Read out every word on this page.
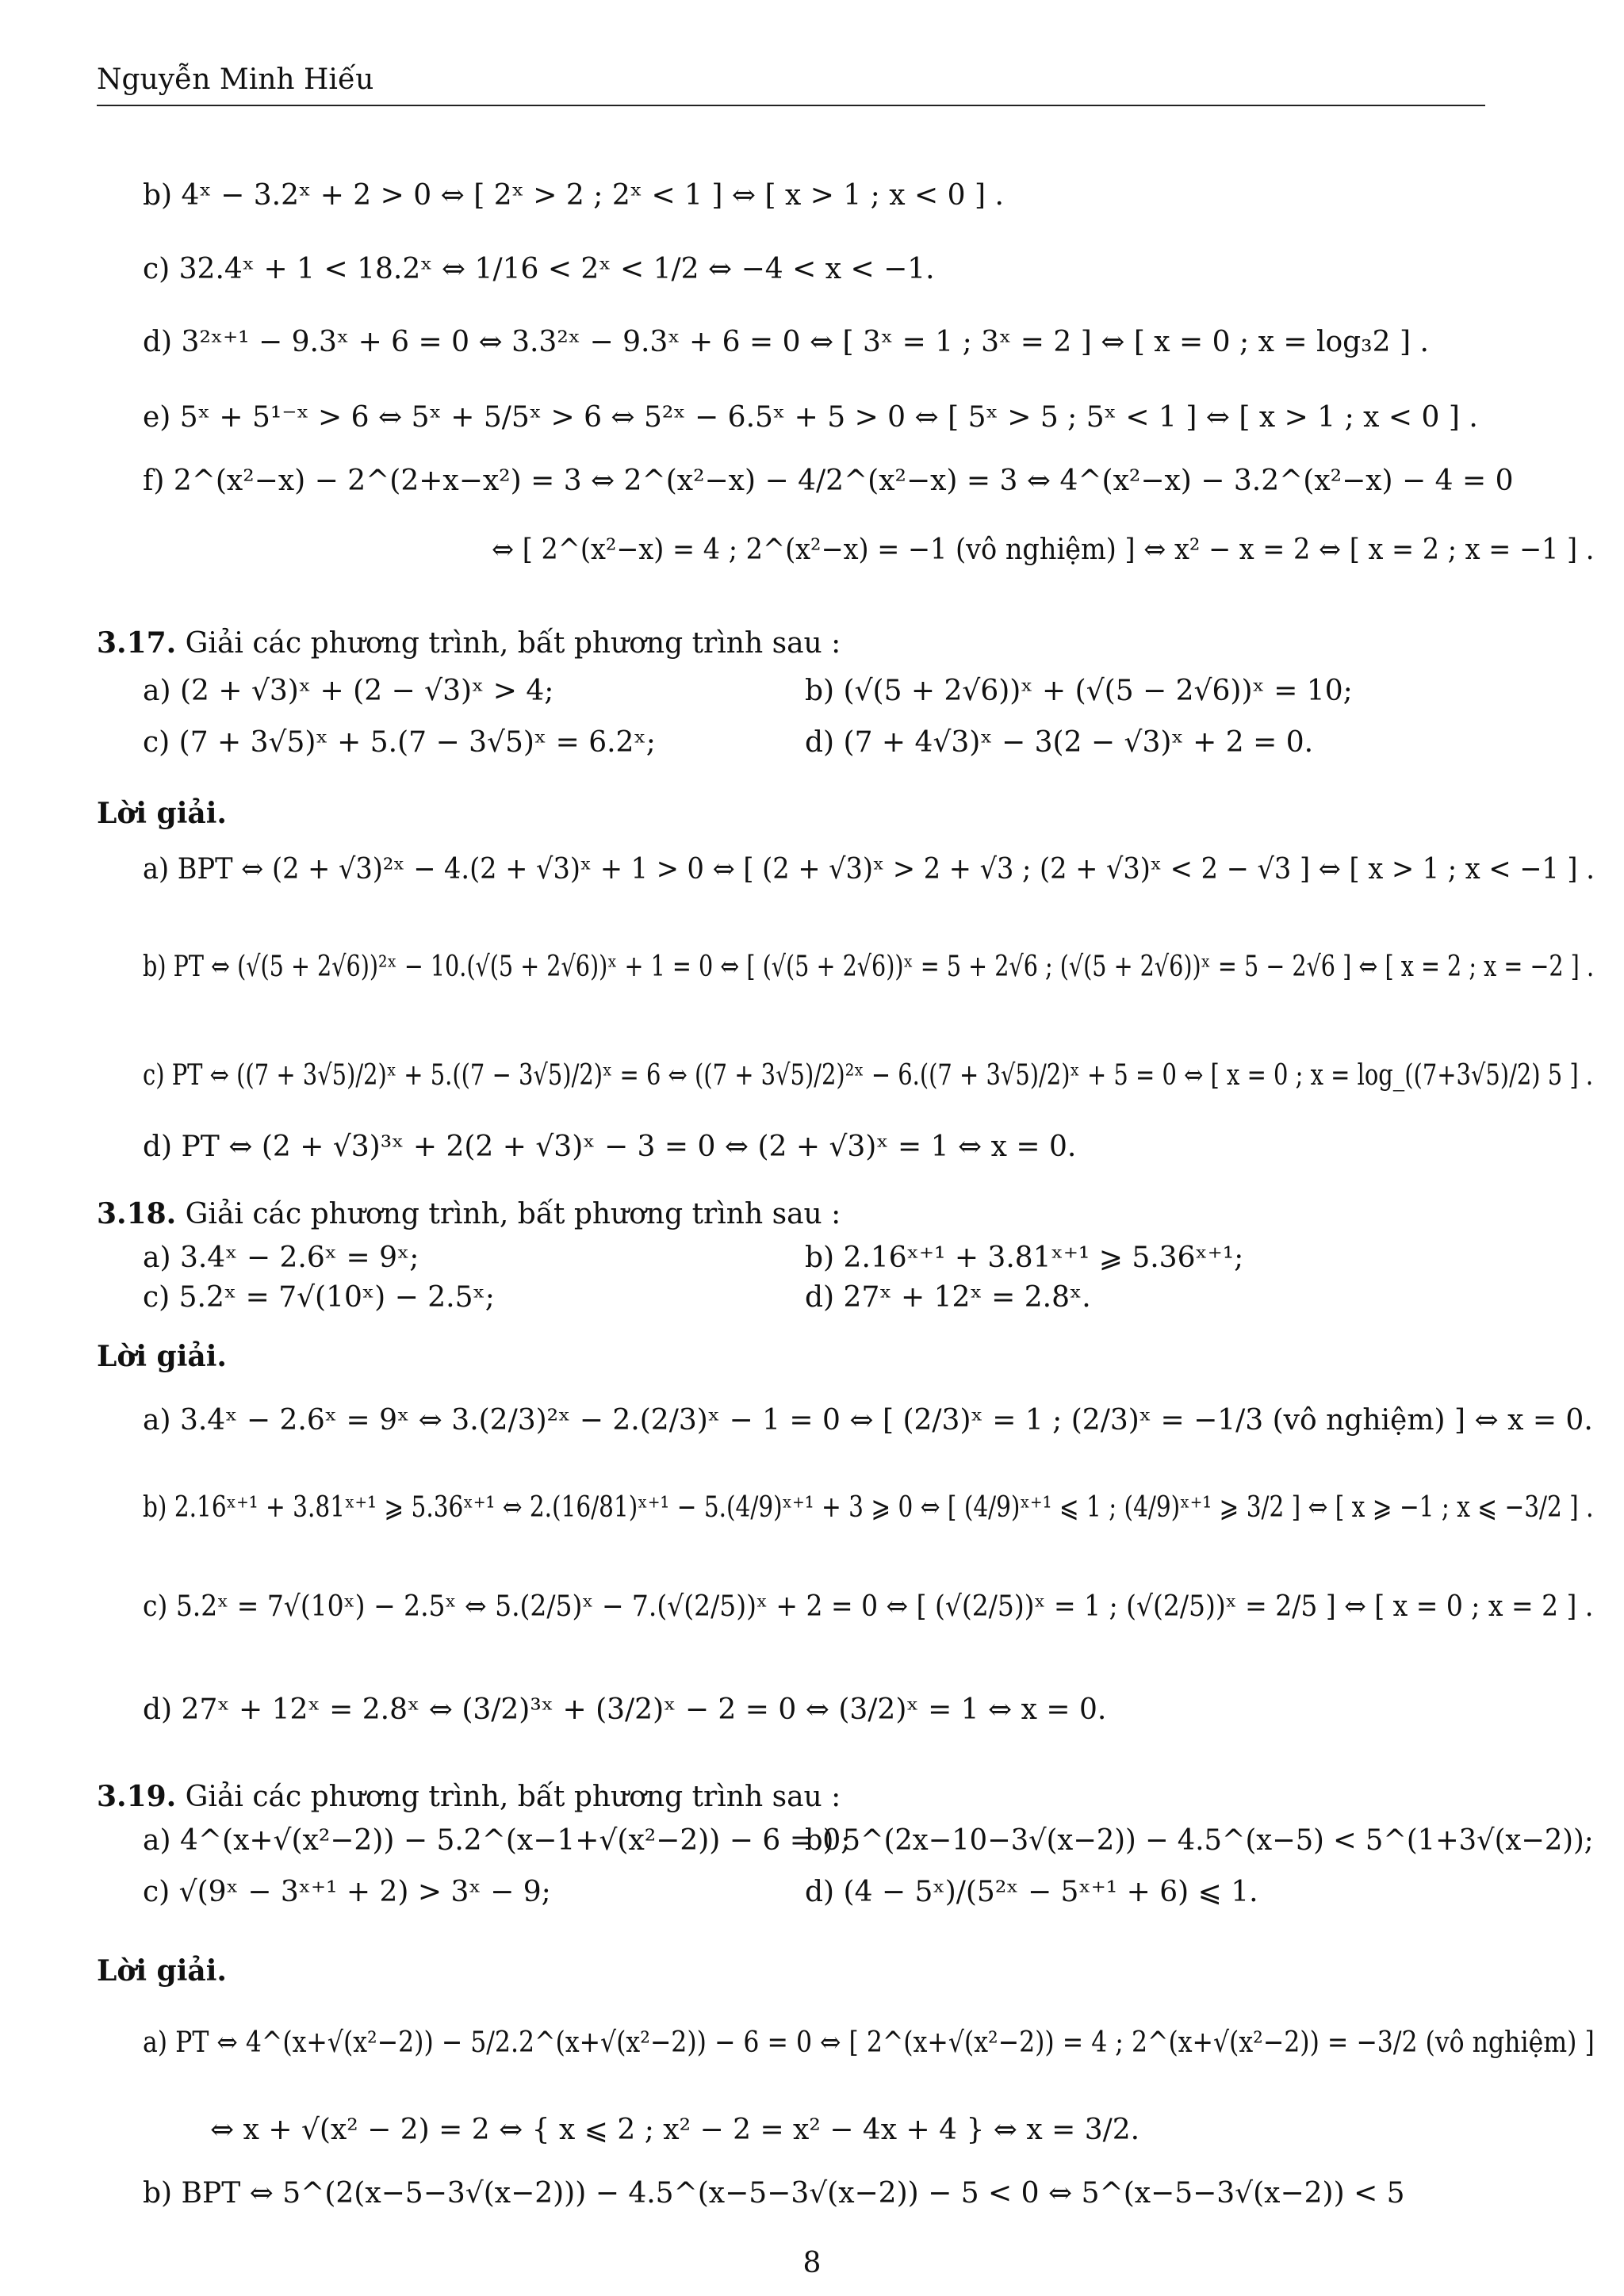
Nguyễn Minh Hiếu
b) 4ˣ − 3.2ˣ + 2 > 0 ⇔ [ 2ˣ > 2 ; 2ˣ < 1 ] ⇔ [ x > 1 ; x < 0 ] .
c) 32.4ˣ + 1 < 18.2ˣ ⇔ 1/16 < 2ˣ < 1/2 ⇔ −4 < x < −1.
d) 3²ˣ⁺¹ − 9.3ˣ + 6 = 0 ⇔ 3.3²ˣ − 9.3ˣ + 6 = 0 ⇔ [ 3ˣ = 1 ; 3ˣ = 2 ] ⇔ [ x = 0 ; x = log₃2 ] .
e) 5ˣ + 5¹⁻ˣ > 6 ⇔ 5ˣ + 5/5ˣ > 6 ⇔ 5²ˣ − 6.5ˣ + 5 > 0 ⇔ [ 5ˣ > 5 ; 5ˣ < 1 ] ⇔ [ x > 1 ; x < 0 ] .
f) 2^(x²−x) − 2^(2+x−x²) = 3 ⇔ 2^(x²−x) − 4/2^(x²−x) = 3 ⇔ 4^(x²−x) − 3.2^(x²−x) − 4 = 0
⇔ [ 2^(x²−x) = 4 ; 2^(x²−x) = −1 (vô nghiệm) ] ⇔ x² − x = 2 ⇔ [ x = 2 ; x = −1 ] .
3.17. Giải các phương trình, bất phương trình sau :
a) (2 + √3)ˣ + (2 − √3)ˣ > 4;	b) (√(5 + 2√6))ˣ + (√(5 − 2√6))ˣ = 10;
c) (7 + 3√5)ˣ + 5.(7 − 3√5)ˣ = 6.2ˣ;	d) (7 + 4√3)ˣ − 3(2 − √3)ˣ + 2 = 0.
Lời giải.
a) BPT ⇔ (2 + √3)²ˣ − 4.(2 + √3)ˣ + 1 > 0 ⇔ [ (2 + √3)ˣ > 2 + √3 ; (2 + √3)ˣ < 2 − √3 ] ⇔ [ x > 1 ; x < −1 ] .
b) PT ⇔ (√(5 + 2√6))²ˣ − 10.(√(5 + 2√6))ˣ + 1 = 0 ⇔ [ (√(5 + 2√6))ˣ = 5 + 2√6 ; (√(5 + 2√6))ˣ = 5 − 2√6 ] ⇔ [ x = 2 ; x = −2 ] .
c) PT ⇔ ((7 + 3√5)/2)ˣ + 5.((7 − 3√5)/2)ˣ = 6 ⇔ ((7 + 3√5)/2)²ˣ − 6.((7 + 3√5)/2)ˣ + 5 = 0 ⇔ [ x = 0 ; x = log_((7+3√5)/2) 5 ] .
d) PT ⇔ (2 + √3)³ˣ + 2(2 + √3)ˣ − 3 = 0 ⇔ (2 + √3)ˣ = 1 ⇔ x = 0.
3.18. Giải các phương trình, bất phương trình sau :
a) 3.4ˣ − 2.6ˣ = 9ˣ;	b) 2.16ˣ⁺¹ + 3.81ˣ⁺¹ ⩾ 5.36ˣ⁺¹;
c) 5.2ˣ = 7√(10ˣ) − 2.5ˣ;	d) 27ˣ + 12ˣ = 2.8ˣ.
Lời giải.
a) 3.4ˣ − 2.6ˣ = 9ˣ ⇔ 3.(2/3)²ˣ − 2.(2/3)ˣ − 1 = 0 ⇔ [ (2/3)ˣ = 1 ; (2/3)ˣ = −1/3 (vô nghiệm) ] ⇔ x = 0.
b) 2.16ˣ⁺¹ + 3.81ˣ⁺¹ ⩾ 5.36ˣ⁺¹ ⇔ 2.(16/81)ˣ⁺¹ − 5.(4/9)ˣ⁺¹ + 3 ⩾ 0 ⇔ [ (4/9)ˣ⁺¹ ⩽ 1 ; (4/9)ˣ⁺¹ ⩾ 3/2 ] ⇔ [ x ⩾ −1 ; x ⩽ −3/2 ] .
c) 5.2ˣ = 7√(10ˣ) − 2.5ˣ ⇔ 5.(2/5)ˣ − 7.(√(2/5))ˣ + 2 = 0 ⇔ [ (√(2/5))ˣ = 1 ; (√(2/5))ˣ = 2/5 ] ⇔ [ x = 0 ; x = 2 ] .
d) 27ˣ + 12ˣ = 2.8ˣ ⇔ (3/2)³ˣ + (3/2)ˣ − 2 = 0 ⇔ (3/2)ˣ = 1 ⇔ x = 0.
3.19. Giải các phương trình, bất phương trình sau :
a) 4^(x+√(x²−2)) − 5.2^(x−1+√(x²−2)) − 6 = 0;
b) 5^(2x−10−3√(x−2)) − 4.5^(x−5) < 5^(1+3√(x−2));
c) √(9ˣ − 3ˣ⁺¹ + 2) > 3ˣ − 9;	d) (4 − 5ˣ)/(5²ˣ − 5ˣ⁺¹ + 6) ⩽ 1.
Lời giải.
a) PT ⇔ 4^(x+√(x²−2)) − 5/2.2^(x+√(x²−2)) − 6 = 0 ⇔ [ 2^(x+√(x²−2)) = 4 ; 2^(x+√(x²−2)) = −3/2 (vô nghiệm) ]
⇔ x + √(x² − 2) = 2 ⇔ { x ⩽ 2 ; x² − 2 = x² − 4x + 4 } ⇔ x = 3/2.
b) BPT ⇔ 5^(2(x−5−3√(x−2))) − 4.5^(x−5−3√(x−2)) − 5 < 0 ⇔ 5^(x−5−3√(x−2)) < 5
8
